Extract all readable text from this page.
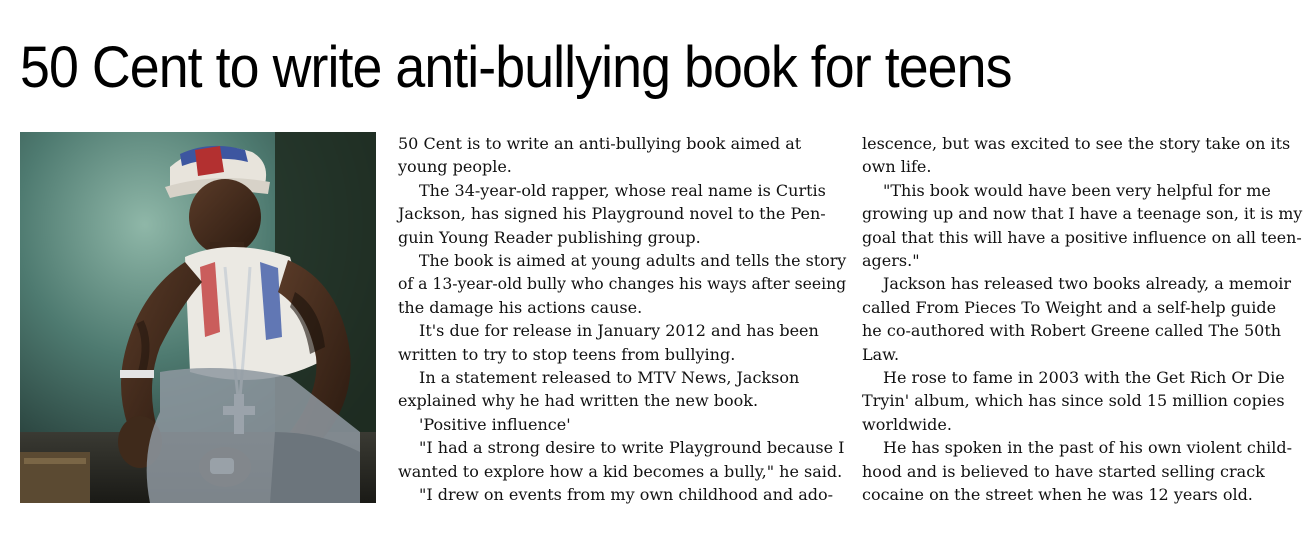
50 Cent to write anti-bullying book for teens
50 Cent is to write an anti-bullying book aimed at
young people.
The 34-year-old rapper, whose real name is Curtis
Jackson, has signed his Playground novel to the Pen-
guin Young Reader publishing group.
The book is aimed at young adults and tells the story
of a 13-year-old bully who changes his ways after seeing
the damage his actions cause.
It's due for release in January 2012 and has been
written to try to stop teens from bullying.
In a statement released to MTV News, Jackson
explained why he had written the new book.
'Positive influence'
"I had a strong desire to write Playground because I
wanted to explore how a kid becomes a bully," he said.
"I drew on events from my own childhood and ado-
lescence, but was excited to see the story take on its
own life.
"This book would have been very helpful for me
growing up and now that I have a teenage son, it is my
goal that this will have a positive influence on all teen-
agers."
Jackson has released two books already, a memoir
called From Pieces To Weight and a self-help guide
he co-authored with Robert Greene called The 50th
Law.
He rose to fame in 2003 with the Get Rich Or Die
Tryin' album, which has since sold 15 million copies
worldwide.
He has spoken in the past of his own violent child-
hood and is believed to have started selling crack
cocaine on the street when he was 12 years old.
